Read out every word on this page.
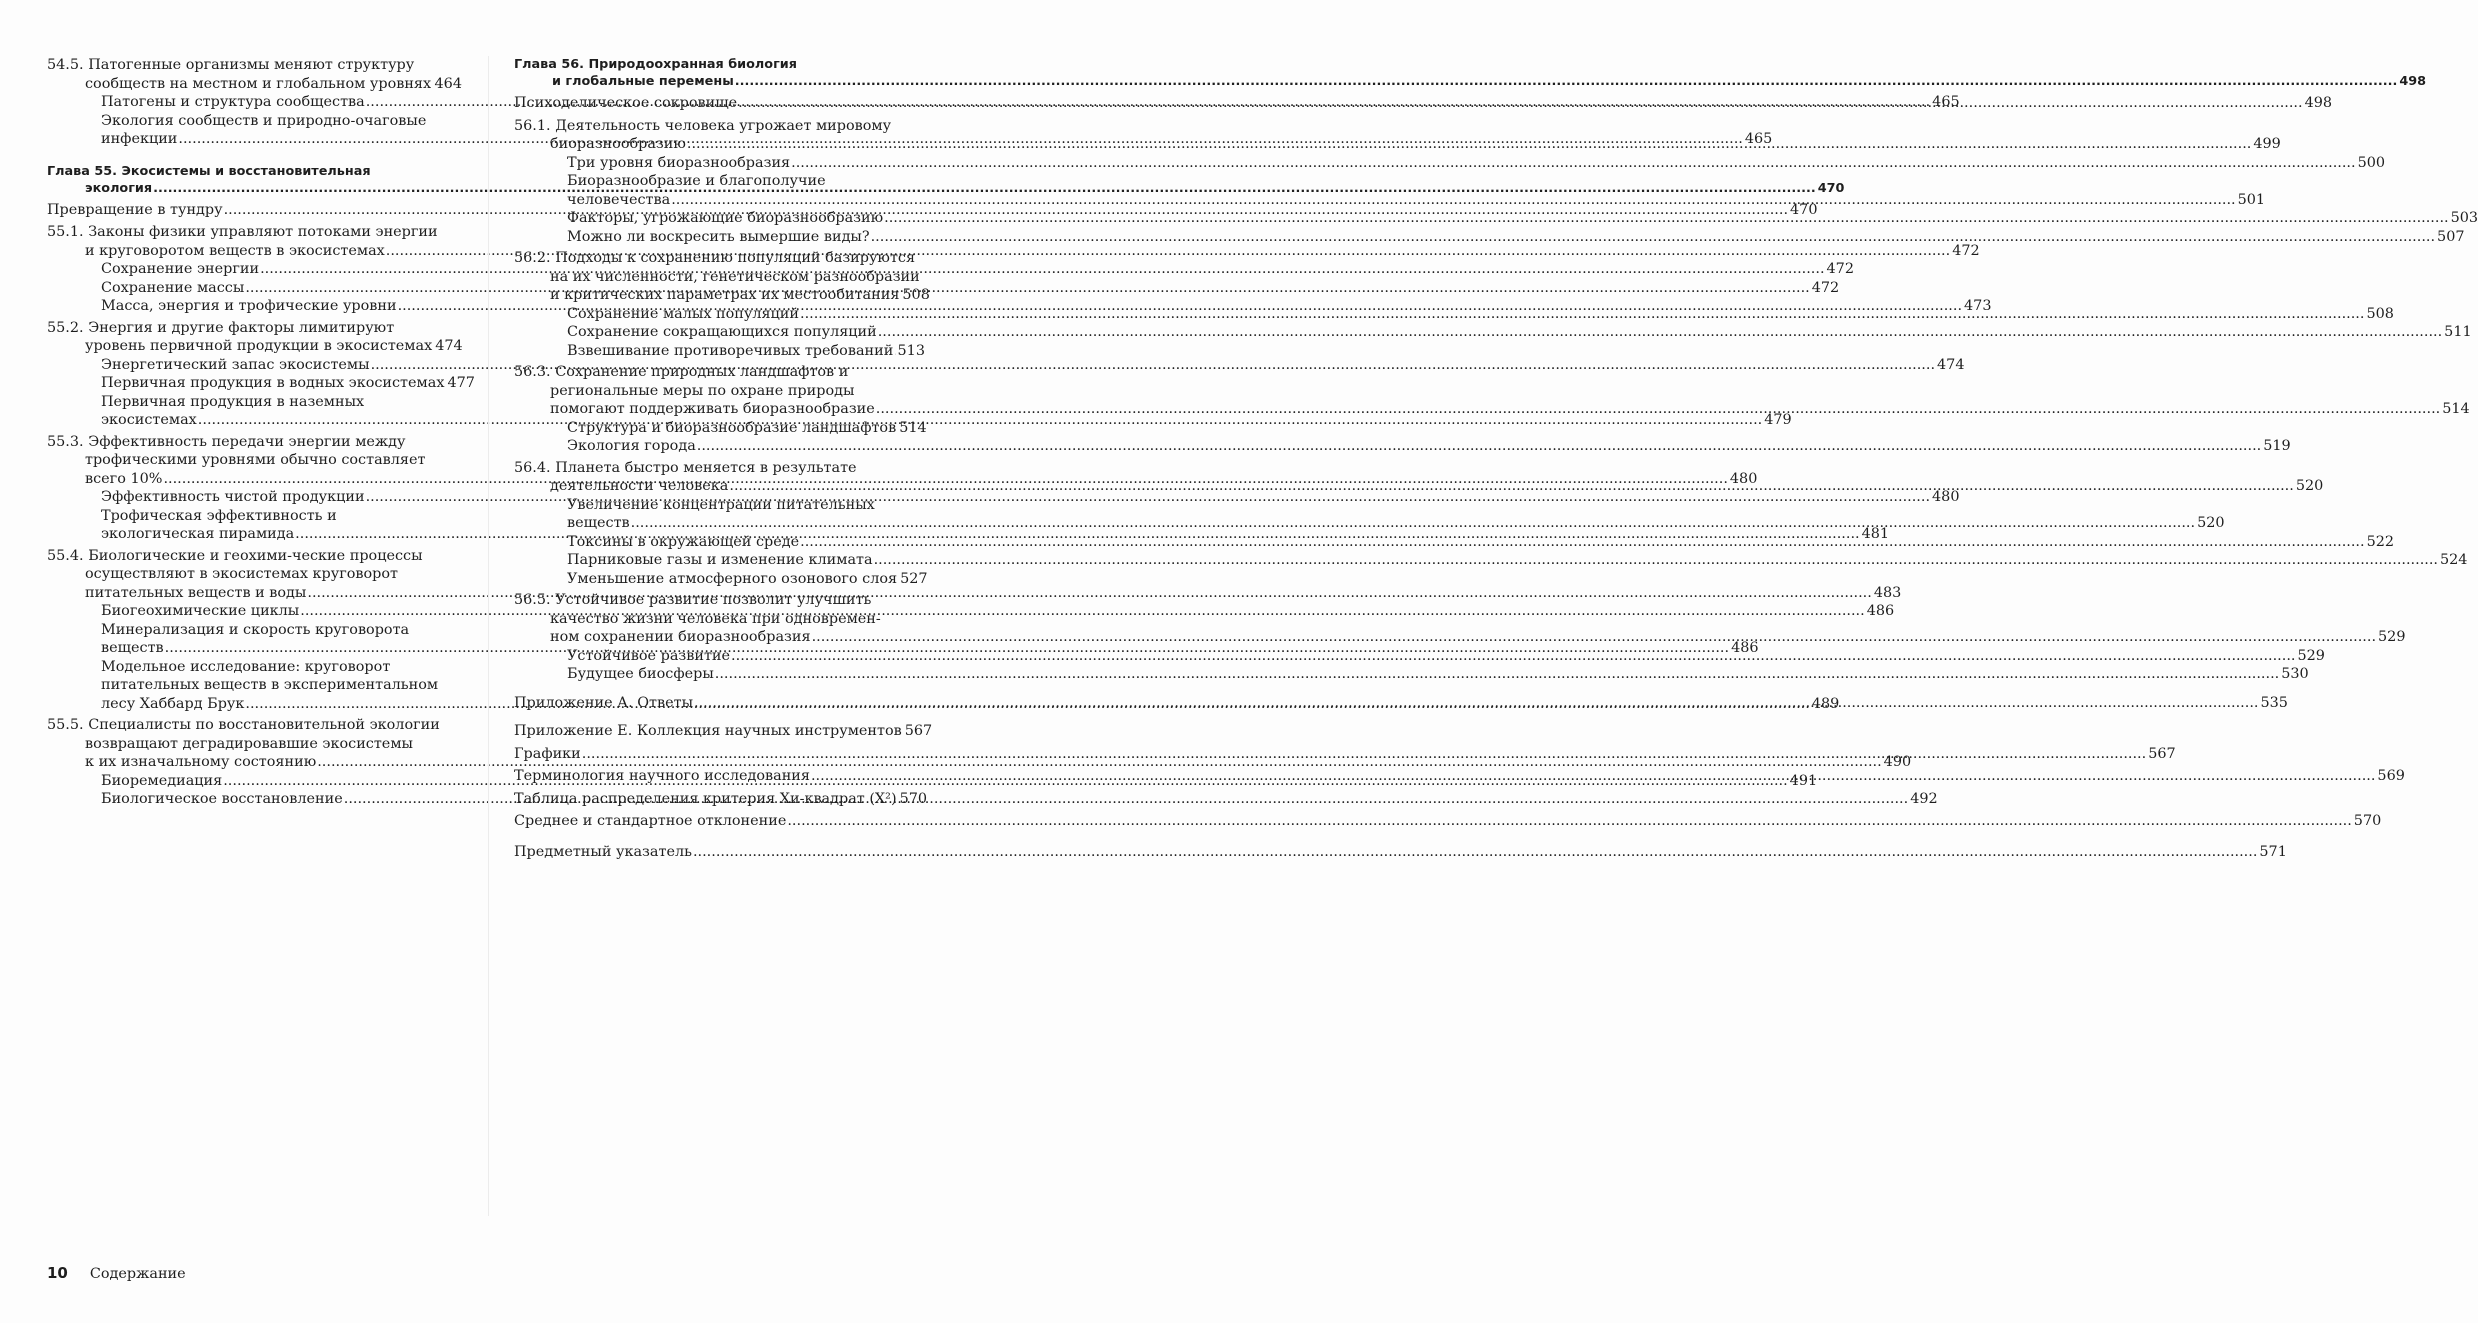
54.5. Патогенные организмы меняют структуру
сообществ на местном и глобальном уровнях ..... 464
Патогены и структура сообщества .....	465
Экология сообществ и природно-очаговые
инфекции .....	465
Глава 55. Экосистемы и восстановительная
экология .....	470
Превращение в тундру .....	470
55.1. Законы физики управляют потоками энергии
и круговоротом веществ в экосистемах .....	472
Сохранение энергии .....	472
Сохранение массы .....	472
Масса, энергия и трофические уровни .....	473
55.2. Энергия и другие факторы лимитируют
уровень первичной продукции в экосистемах 474
Энергетический запас экосистемы .....	474
Первичная продукция в водных экосистемах 477
Первичная продукция в наземных
экосистемах .....	479
55.3. Эффективность передачи энергии между
трофическими уровнями обычно составляет
всего 10% .....	480
Эффективность чистой продукции .....	480
Трофическая эффективность и
экологическая пирамида .....	481
55.4. Биологические и геохими-ческие процессы
осуществляют в экосистемах круговорот
питательных веществ и воды .....	483
Биогеохимические циклы .....	486
Минерализация и скорость круговорота
веществ .....	486
Модельное исследование: круговорот
питательных веществ в экспериментальном
лесу Хаббард Брук .....	489
55.5. Специалисты по восстановительной экологии
возвращают деградировавшие экосистемы
к их изначальному состоянию .....	490
Биоремедиация .....	491
Биологическое восстановление .....	492
Глава 56. Природоохранная биология
и глобальные перемены .....	498
Психоделическое сокровище .....	498
56.1. Деятельность человека угрожает мировому
биоразнообразию .....	499
Три уровня биоразнообразия .....	500
Биоразнообразие и благополучие
человечества .....	501
Факторы, угрожающие биоразнообразию .....	503
Можно ли воскресить вымершие виды? .....	507
56.2. Подходы к сохранению популяций базируются
на их численности, генетическом разнообразии
и критических параметрах их местообитания 508
Сохранение малых популяций .....	508
Сохранение сокращающихся популяций .....	511
Взвешивание противоречивых требований ..... 513
56.3. Сохранение природных ландшафтов и
региональные меры по охране природы
помогают поддерживать биоразнообразие .....	514
Структура и биоразнообразие ландшафтов 514
Экология города .....	519
56.4. Планета быстро меняется в результате
деятельности человека .....	520
Увеличение концентрации питательных
веществ .....	520
Токсины в окружающей среде .....	522
Парниковые газы и изменение климата .....	524
Уменьшение атмосферного озонового слоя 527
56.5. Устойчивое развитие позволит улучшить
качество жизни человека при одновремен-
ном сохранении биоразнообразия .....	529
Устойчивое развитие .....	529
Будущее биосферы .....	530
Приложение А. Ответы .....	535
Приложение Е. Коллекция научных инструментов 567
Графики .....	567
Терминология научного исследования .....	569
Таблица распределения критерия Хи-квадрат (Х²) 570
Среднее и стандартное отклонение .....	570
Предметный указатель .....	571
10 Содержание
